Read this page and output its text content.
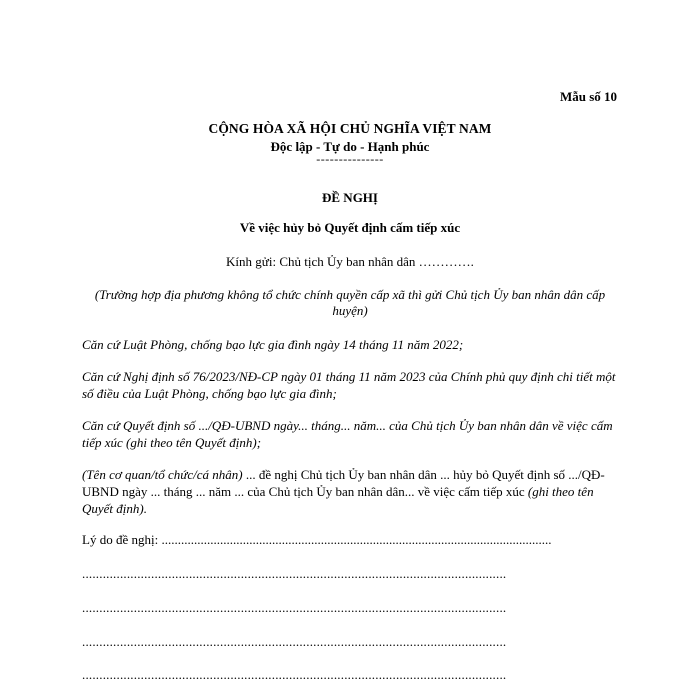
Mẫu số 10
CỘNG HÒA XÃ HỘI CHỦ NGHĨA VIỆT NAM
Độc lập - Tự do - Hạnh phúc
---------------
ĐỀ NGHỊ
Về việc hủy bỏ Quyết định cấm tiếp xúc
Kính gửi: Chủ tịch Ủy ban nhân dân ………….
(Trường hợp địa phương không tổ chức chính quyền cấp xã thì gửi Chủ tịch Ủy ban nhân dân cấp huyện)
Căn cứ Luật Phòng, chống bạo lực gia đình ngày 14 tháng 11 năm 2022;
Căn cứ Nghị định số 76/2023/NĐ-CP ngày 01 tháng 11 năm 2023 của Chính phủ quy định chi tiết một số điều của Luật Phòng, chống bạo lực gia đình;
Căn cứ Quyết định số .../QĐ-UBND ngày... tháng... năm... của Chủ tịch Ủy ban nhân dân về việc cấm tiếp xúc (ghi theo tên Quyết định);
(Tên cơ quan/tổ chức/cá nhân) ... đề nghị Chủ tịch Ủy ban nhân dân ... hủy bỏ Quyết định số .../QĐ-UBND ngày ... tháng ... năm ... của Chủ tịch Ủy ban nhân dân... về việc cấm tiếp xúc (ghi theo tên Quyết định).
Lý do đề nghị: ........................................................................................................................
...........................................................................................................................
...........................................................................................................................
...........................................................................................................................
...........................................................................................................................
